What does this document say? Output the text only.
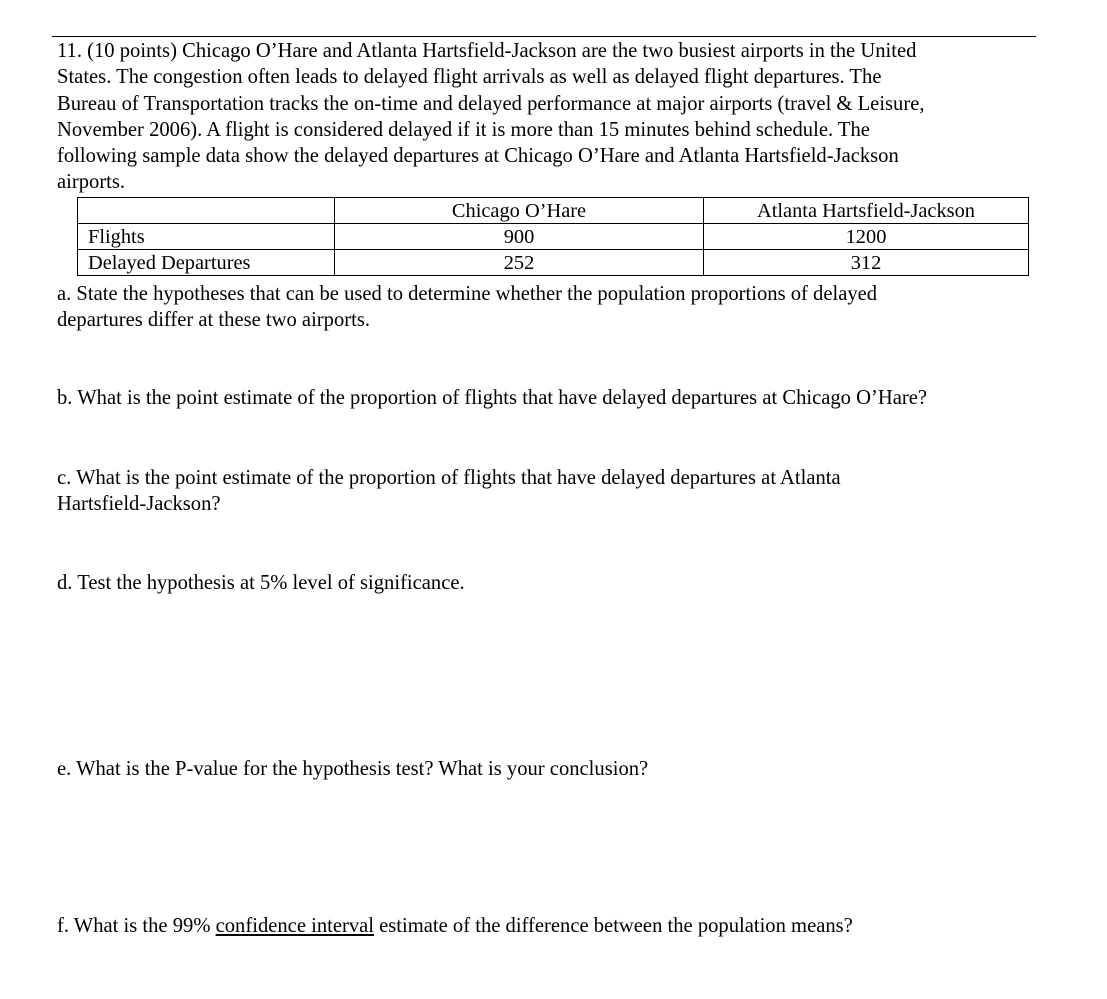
11. (10 points) Chicago O’Hare and Atlanta Hartsfield-Jackson are the two busiest airports in the United
States. The congestion often leads to delayed flight arrivals as well as delayed flight departures. The
Bureau of Transportation tracks the on-time and delayed performance at major airports (travel & Leisure,
November 2006). A flight is considered delayed if it is more than 15 minutes behind schedule. The
following sample data show the delayed departures at Chicago O’Hare and Atlanta Hartsfield-Jackson
airports.
	Chicago O’Hare	Atlanta Hartsfield-Jackson
Flights	900	1200
Delayed Departures	252	312
a. State the hypotheses that can be used to determine whether the population proportions of delayed
departures differ at these two airports.
b. What is the point estimate of the proportion of flights that have delayed departures at Chicago O’Hare?
c. What is the point estimate of the proportion of flights that have delayed departures at Atlanta
Hartsfield-Jackson?
d. Test the hypothesis at 5% level of significance.
e. What is the P-value for the hypothesis test? What is your conclusion?
f. What is the 99% confidence interval estimate of the difference between the population means?
